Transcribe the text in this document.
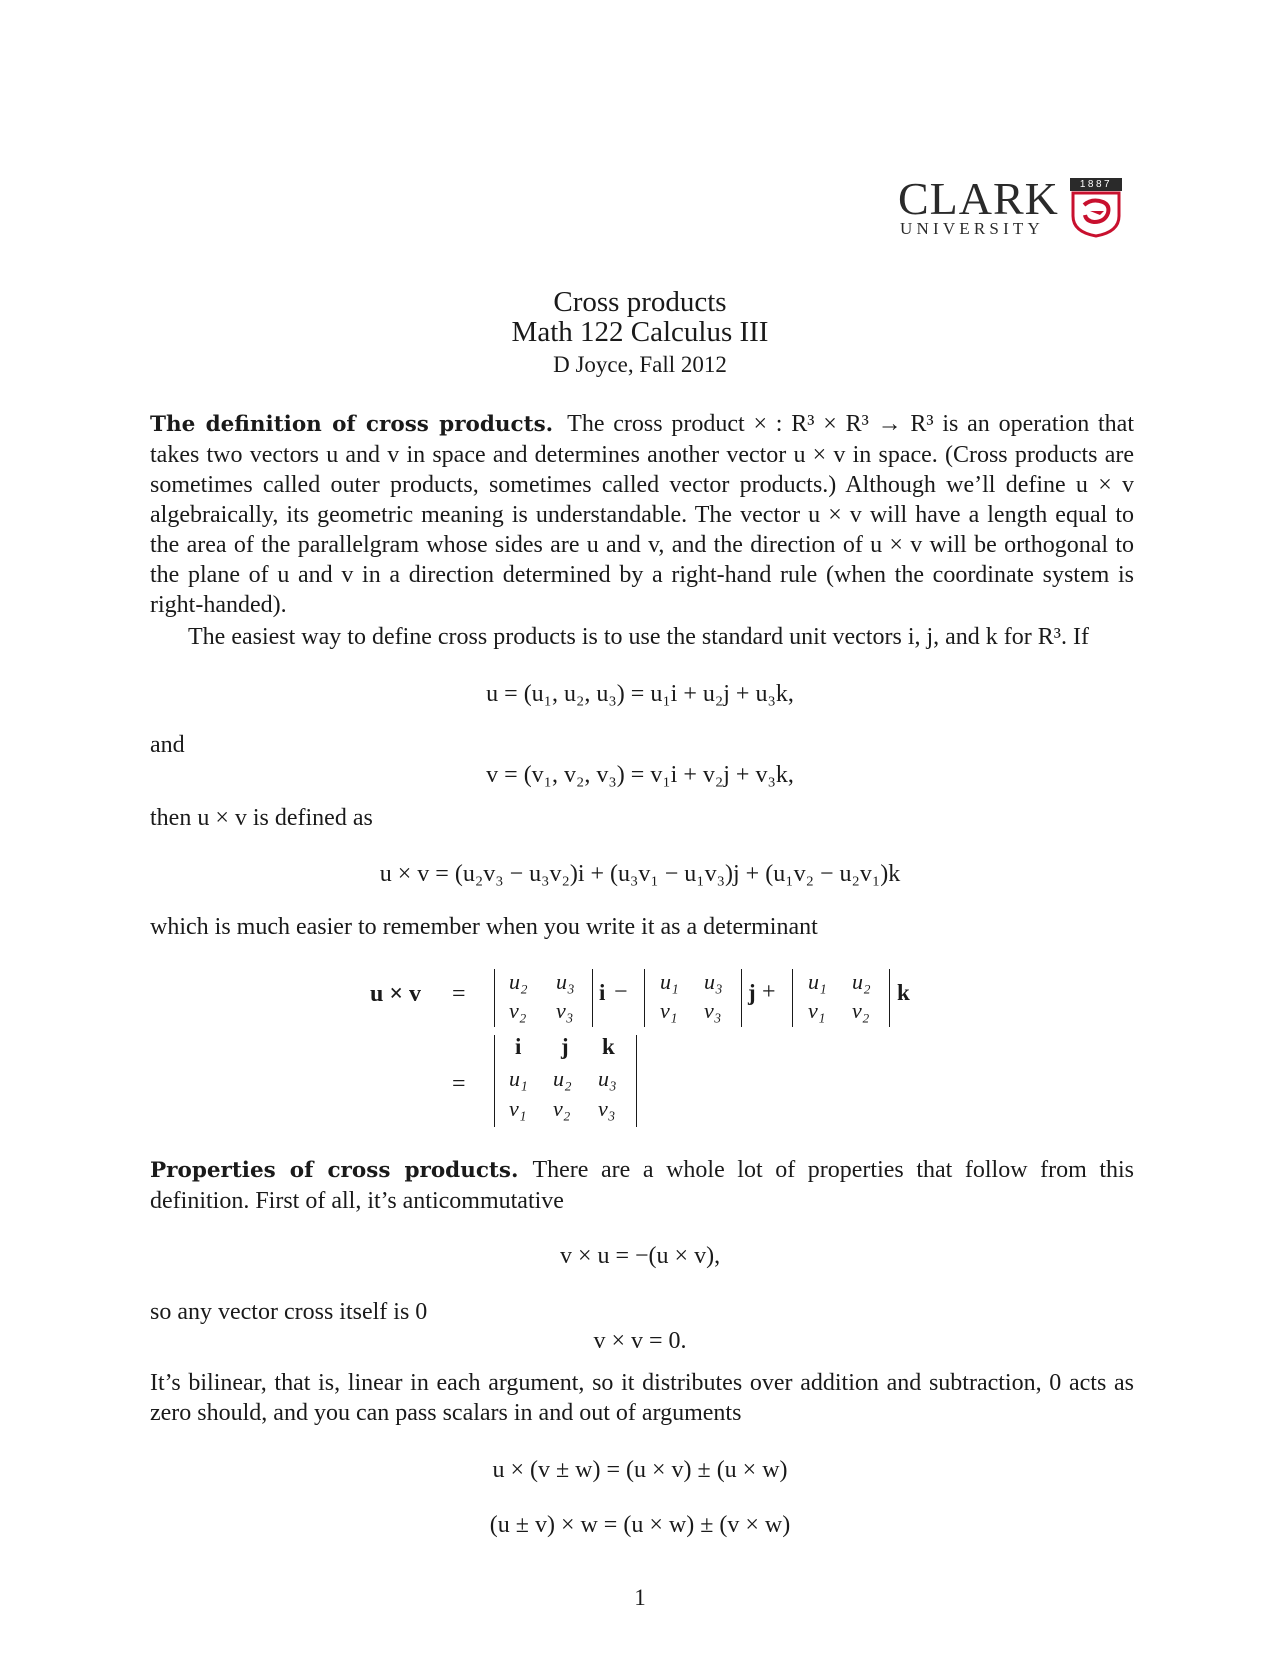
CLARK
UNIVERSITY
1887
Cross products
Math 122 Calculus III
D Joyce, Fall 2012
The definition of cross products. The cross product × : R³ × R³ → R³ is an operation that takes two vectors u and v in space and determines another vector u × v in space. (Cross products are sometimes called outer products, sometimes called vector products.) Although we’ll define u × v algebraically, its geometric meaning is understandable. The vector u × v will have a length equal to the area of the parallelgram whose sides are u and v, and the direction of u × v will be orthogonal to the plane of u and v in a direction determined by a right-hand rule (when the coordinate system is right-handed).
The easiest way to define cross products is to use the standard unit vectors i, j, and k for R³. If
u = (u₁, u₂, u₃) = u₁i + u₂j + u₃k,
and
v = (v₁, v₂, v₃) = v₁i + v₂j + v₃k,
then u × v is defined as
u × v = (u₂v₃ − u₃v₂)i + (u₃v₁ − u₁v₃)j + (u₁v₂ − u₂v₁)k
which is much easier to remember when you write it as a determinant
u × v = u₂ u₃
v₂ v₃
i − u₁ u₃
v₁ v₃
j + u₁ u₂
v₁ v₂
k
=
i j k
u₁ u₂ u₃
v₁ v₂ v₃
Properties of cross products. There are a whole lot of properties that follow from this definition. First of all, it’s anticommutative
v × u = −(u × v),
so any vector cross itself is 0
v × v = 0.
It’s bilinear, that is, linear in each argument, so it distributes over addition and subtraction, 0 acts as zero should, and you can pass scalars in and out of arguments
u × (v ± w) = (u × v) ± (u × w)
(u ± v) × w = (u × w) ± (v × w)
1
